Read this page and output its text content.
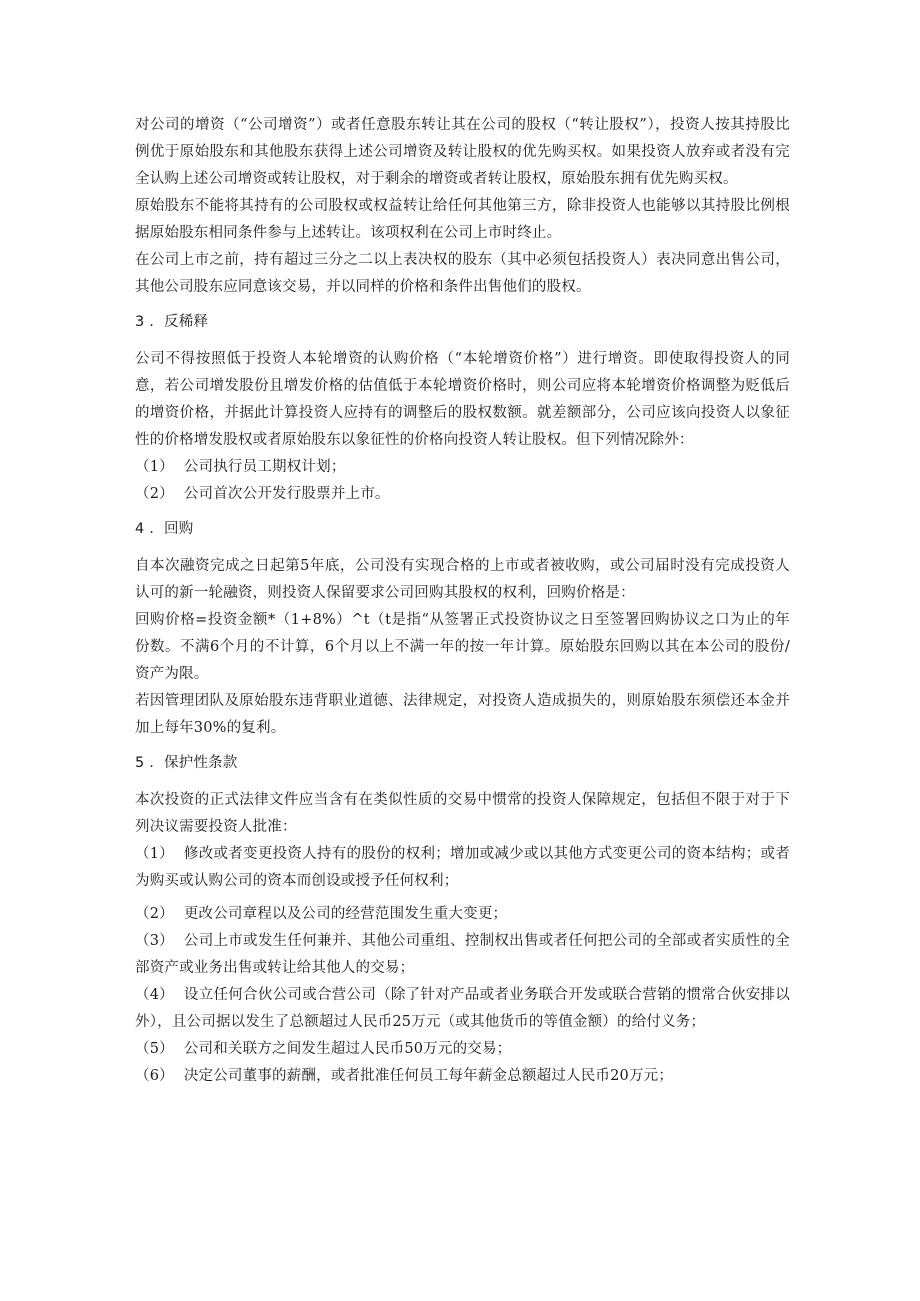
对公司的增资（“公司增资”）或者任意股东转让其在公司的股权（“转让股权”），投资人按其持股比例优于原始股东和其他股东获得上述公司增资及转让股权的优先购买权。如果投资人放弃或者没有完全认购上述公司增资或转让股权，对于剩余的增资或者转让股权，原始股东拥有优先购买权。

原始股东不能将其持有的公司股权或权益转让给任何其他第三方，除非投资人也能够以其持股比例根据原始股东相同条件参与上述转让。该项权利在公司上市时终止。

在公司上市之前，持有超过三分之二以上表决权的股东（其中必须包括投资人）表决同意出售公司，其他公司股东应同意该交易，并以同样的价格和条件出售他们的股权。

3 . 反稀释

公司不得按照低于投资人本轮增资的认购价格（“本轮增资价格”）进行增资。即使取得投资人的同意，若公司增发股份且增发价格的估值低于本轮增资价格时，则公司应将本轮增资价格调整为贬低后的增资价格，并据此计算投资人应持有的调整后的股权数额。就差额部分，公司应该向投资人以象征性的价格增发股权或者原始股东以象征性的价格向投资人转让股权。但下列情况除外：

（1） 公司执行员工期权计划；

（2） 公司首次公开发行股票并上市。

4 . 回购

自本次融资完成之日起第5年底，公司没有实现合格的上市或者被收购，或公司届时没有完成投资人认可的新一轮融资，则投资人保留要求公司回购其股权的权利，回购价格是：

回购价格=投资金额*（1+8%）^t（t是指“从签署正式投资协议之日至签署回购协议之口为止的年份数。不满6个月的不计算，6个月以上不满一年的按一年计算。原始股东回购以其在本公司的股份/资产为限。

若因管理团队及原始股东违背职业道德、法律规定，对投资人造成损失的，则原始股东须偿还本金并加上每年30%的复利。

5 . 保护性条款

本次投资的正式法律文件应当含有在类似性质的交易中惯常的投资人保障规定，包括但不限于对于下列决议需要投资人批准：

（1） 修改或者变更投资人持有的股份的权利；增加或减少或以其他方式变更公司的资本结构；或者为购买或认购公司的资本而创设或授予任何权利；

（2） 更改公司章程以及公司的经营范围发生重大变更；

（3） 公司上市或发生任何兼并、其他公司重组、控制权出售或者任何把公司的全部或者实质性的全部资产或业务出售或转让给其他人的交易；

（4） 设立任何合伙公司或合营公司（除了针对产品或者业务联合开发或联合营销的惯常合伙安排以外），且公司据以发生了总额超过人民币25万元（或其他货币的等值金额）的给付义务；

（5） 公司和关联方之间发生超过人民币50万元的交易；

（6） 决定公司董事的薪酬，或者批准任何员工每年薪金总额超过人民币20万元；
